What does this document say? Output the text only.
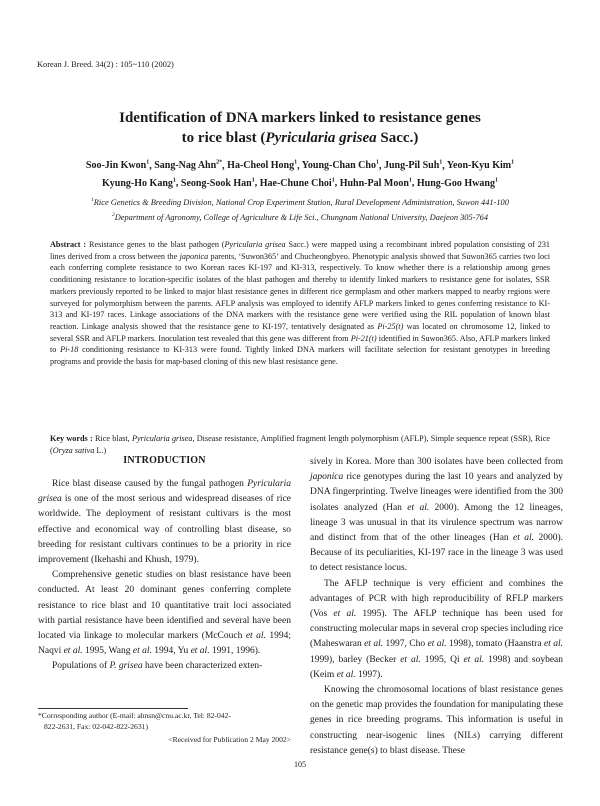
Korean J. Breed. 34(2) : 105~110 (2002)
Identification of DNA markers linked to resistance genes
to rice blast (Pyricularia grisea Sacc.)
Soo-Jin Kwon$^1$, Sang-Nag Ahn$^{2*}$, Ha-Cheol Hong$^1$, Young-Chan Cho$^1$, Jung-Pil Suh$^1$, Yeon-Kyu Kim$^1$
Kyung-Ho Kang$^1$, Seong-Sook Han$^1$, Hae-Chune Choi$^1$, Huhn-Pal Moon$^1$, Hung-Goo Hwang$^1$
$^1$Rice Genetics & Breeding Division, National Crop Experiment Station, Rural Development Administration, Suwon 441-100
$^2$Department of Agronomy, College of Agriculture & Life Sci., Chungnam National University, Daejeon 305-764
Abstract : Resistance genes to the blast pathogen (Pyricularia grisea Sacc.) were mapped using a recombinant inbred population consisting of 231 lines derived from a cross between the japonica parents, ‘Suwon365’ and Chucheongbyeo. Phenotypic analysis showed that Suwon365 carries two loci each conferring complete resistance to two Korean races KI-197 and KI-313, respectively. To know whether there is a relationship among genes conditioning resistance to location-specific isolates of the blast pathogen and thereby to identify linked markers to resistance gene for isolates, SSR markers previously reported to be linked to major blast resistance genes in different rice germplasm and other markers mapped to nearby regions were surveyed for polymorphism between the parents. AFLP analysis was employed to identify AFLP markers linked to genes conferring resistance to KI-313 and KI-197 races. Linkage associations of the DNA markers with the resistance gene were verified using the RIL population of known blast reaction. Linkage analysis showed that the resistance gene to KI-197, tentatively designated as Pi-25(t) was located on chromosome 12, linked to several SSR and AFLP markers. Inoculation test revealed that this gene was different from Pi-21(t) identified in Suwon365. Also, AFLP markers linked to Pi-18 conditioning resistance to KI-313 were found. Tightly linked DNA markers will facilitate selection for resistant genotypes in breeding programs and provide the basis for map-based cloning of this new blast resistance gene.
Key words : Rice blast, Pyricularia grisea, Disease resistance, Amplified fragment length polymorphism (AFLP), Simple sequence repeat (SSR), Rice (Oryza sativa L.)
INTRODUCTION

Rice blast disease caused by the fungal pathogen Pyricularia grisea is one of the most serious and widespread diseases of rice worldwide. The deployment of resistant cultivars is the most effective and economical way of controlling blast disease, so breeding for resistant cultivars continues to be a priority in rice improvement (Ikehashi and Khush, 1979).

Comprehensive genetic studies on blast resistance have been conducted. At least 20 dominant genes conferring complete resistance to rice blast and 10 quantitative trait loci associated with partial resistance have been identified and several have been located via linkage to molecular markers (McCouch et al. 1994; Naqvi et al. 1995, Wang et al. 1994, Yu et al. 1991, 1996).

Populations of P. grisea have been characterized exten-

sively in Korea. More than 300 isolates have been collected from japonica rice genotypes during the last 10 years and analyzed by DNA fingerprinting. Twelve lineages were identified from the 300 isolates analyzed (Han et al. 2000). Among the 12 lineages, lineage 3 was unusual in that its virulence spectrum was narrow and distinct from that of the other lineages (Han et al. 2000). Because of its peculiarities, KI-197 race in the lineage 3 was used to detect resistance locus.

The AFLP technique is very efficient and combines the advantages of PCR with high reproducibility of RFLP markers (Vos et al. 1995). The AFLP technique has been used for constructing molecular maps in several crop species including rice (Maheswaran et al. 1997, Cho et al. 1998), tomato (Haanstra et al. 1999), barley (Becker et al. 1995, Qi et al. 1998) and soybean (Keim et al. 1997).

Knowing the chromosomal locations of blast resistance genes on the genetic map provides the foundation for manipulating these genes in rice breeding programs. This information is useful in constructing near-isogenic lines (NILs) carrying different resistance gene(s) to blast disease. These

*Corresponding author (E-mail: ahnsn@cnu.ac.kr, Tel: 82-042-
822-2631, Fax: 02-042-822-2631)
<Received for Publication 2 May 2002>
105
